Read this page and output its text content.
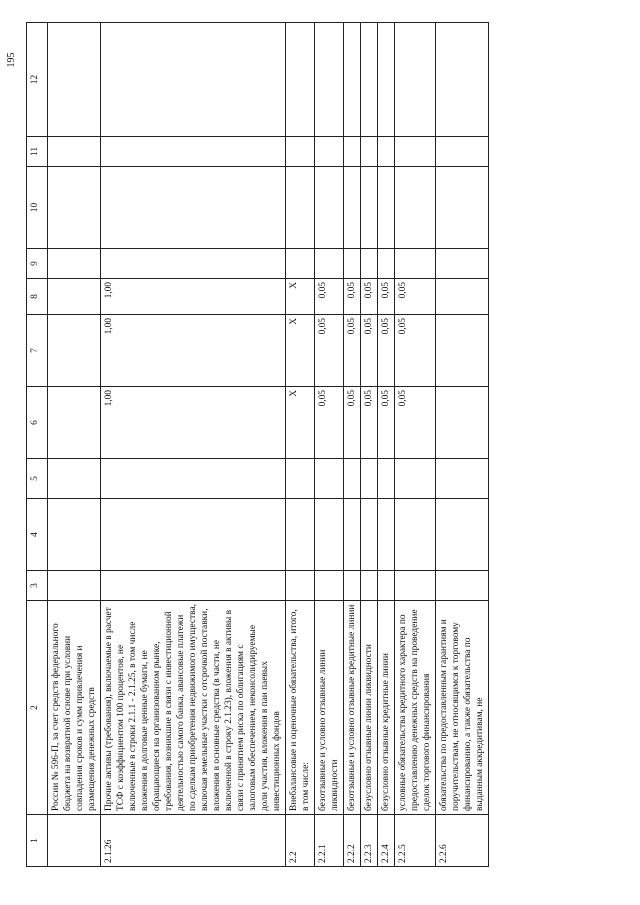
195
1	2	3	4	5	6	7	8	9	10	11	12
	России № 596-П, за счет средств федерального бюджета на возвратной основе при условии совпадения сроков и сумм привлечения и размещения денежных средств										
2.1.26	Прочие активы (требования), включаемые в расчет ТСФ с коэффициентом 100 процентов, не включенные в строки 2.1.1 - 2.1.25, в том числе вложения в долговые ценные бумаги, не обращающиеся на организованном рынке, требования, возникшие в связи с инвестиционной деятельностью самого банка, авансовые платежи по сделкам приобретения недвижимого имущества, включая земельные участки с отсрочкой поставки, вложения в основные средства (в части, не включенной в строку 2.1.23), вложения в активы в связи с принятием риска по облигациям с залоговым обеспечением, неконсолидируемые доли участия, вложения в паи паевых инвестиционных фондов				1,00	1,00	1,00				
2.2	Внебалансовые и оценочные обязательства, итого, в том числе:				X	X	X				
2.2.1	безотзывные и условно отзывные линии ликвидности				0,05	0,05	0,05				
2.2.2	безотзывные и условно отзывные кредитные линии				0,05	0,05	0,05				
2.2.3	безусловно отзывные линии ликвидности				0,05	0,05	0,05				
2.2.4	безусловно отзывные кредитные линии				0,05	0,05	0,05				
2.2.5	условные обязательства кредитного характера по предоставлению денежных средств на проведение сделок торгового финансирования				0,05	0,05	0,05				
2.2.6	обязательства по предоставленным гарантиям и поручительствам, не относящимся к торговому финансированию, а также обязательства по выданным аккредитивам, не										
